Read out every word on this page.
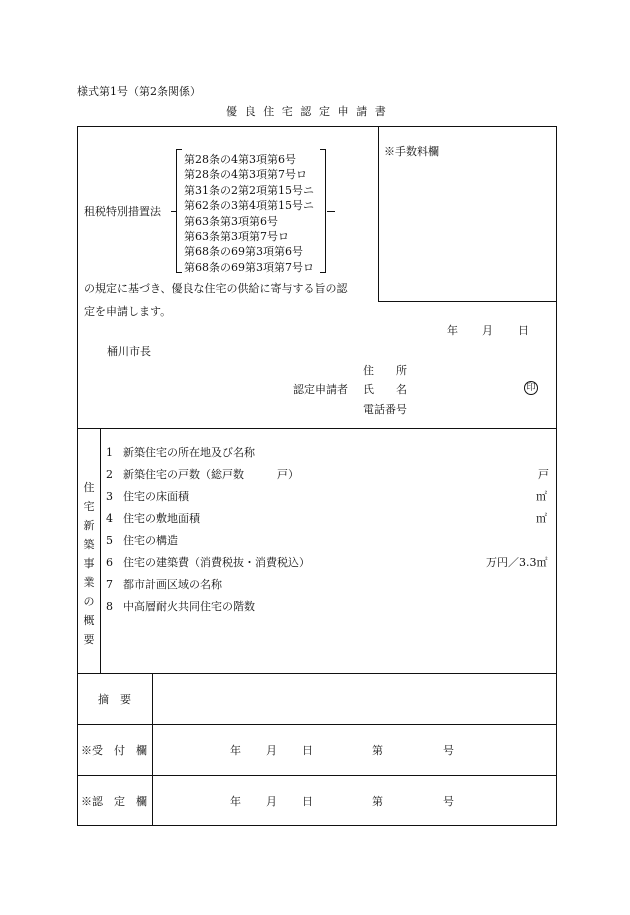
様式第1号（第2条関係）
優良住宅認定申請書
※手数料欄
租税特別措置法
第28条の4第3項第6号
第28条の4第3項第7号ロ
第31条の2第2項第15号ニ
第62条の3第4項第15号ニ
第63条第3項第6号
第63条第3項第7号ロ
第68条の69第3項第6号
第68条の69第3項第7号ロ
の規定に基づき、優良な住宅の供給に寄与する旨の認
定を申請します。
年 月 日
桶川市長
住　　所
認定申請者 氏　　名	印
電話番号
住
宅
新
築
事
業
の
概
要
1 新築住宅の所在地及び名称
2 新築住宅の戸数（総戸数　　　戸）	戸
3 住宅の床面積	㎡
4 住宅の敷地面積	㎡
5 住宅の構造
6 住宅の建築費（消費税抜・消費税込）	万円／3.3㎡
7 都市計画区域の名称
8 中高層耐火共同住宅の階数
摘　要
※受　付　欄	年 月 日	第	号
※認　定　欄	年 月 日	第	号
